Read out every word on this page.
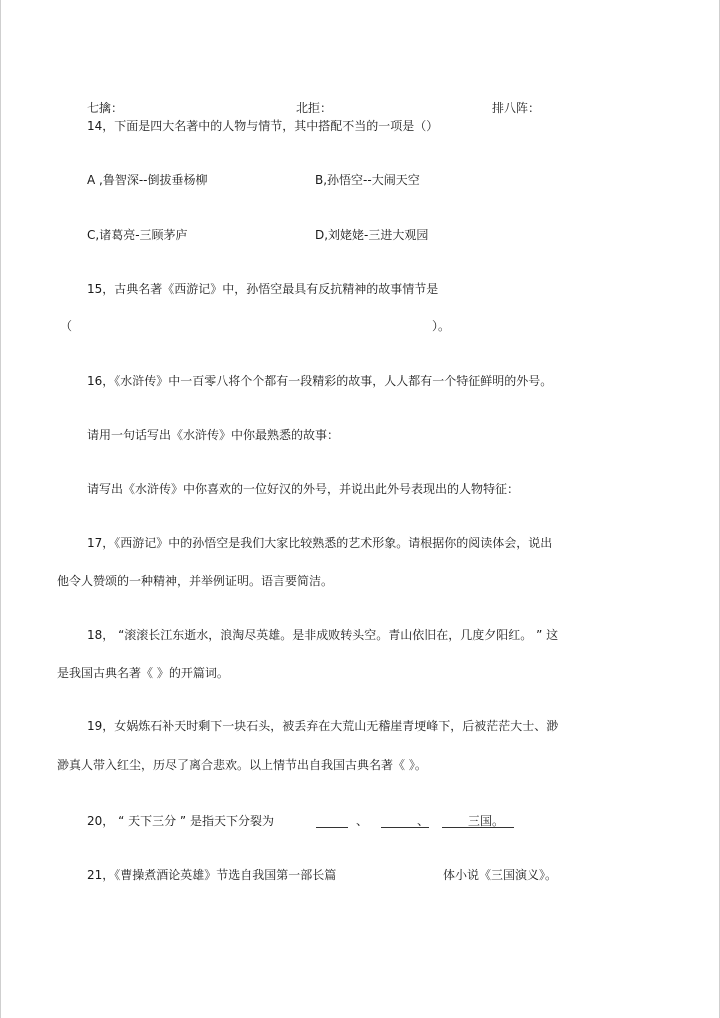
七擒：	北拒：	排八阵：
14，下面是四大名著中的人物与情节，其中搭配不当的一项是（）
A ,鲁智深--倒拔垂杨柳	B,孙悟空--大闹天空
C,诸葛亮-三顾茅庐	D,刘姥姥-三进大观园
15，古典名著《西游记》中，孙悟空最具有反抗精神的故事情节是
（	）。
16，《水浒传》中一百零八将个个都有一段精彩的故事，人人都有一个特征鲜明的外号。
请用一句话写出《水浒传》中你最熟悉的故事：
请写出《水浒传》中你喜欢的一位好汉的外号，并说出此外号表现出的人物特征：
17，《西游记》中的孙悟空是我们大家比较熟悉的艺术形象。请根据你的阅读体会，说出
他令人赞颂的一种精神，并举例证明。语言要简洁。
18， “滚滚长江东逝水，浪淘尽英雄。是非成败转头空。青山依旧在，几度夕阳红。 ” 这
是我国古典名著《 》的开篇词。
19，女娲炼石补天时剩下一块石头，被丢弃在大荒山无稽崖青埂峰下，后被茫茫大士、渺
渺真人带入红尘，历尽了离合悲欢。以上情节出自我国古典名著《 》。
20， “ 天下三分 ” 是指天下分裂为	、	、	三国。
21，《曹操煮酒论英雄》节选自我国第一部长篇	体小说《三国演义》。
